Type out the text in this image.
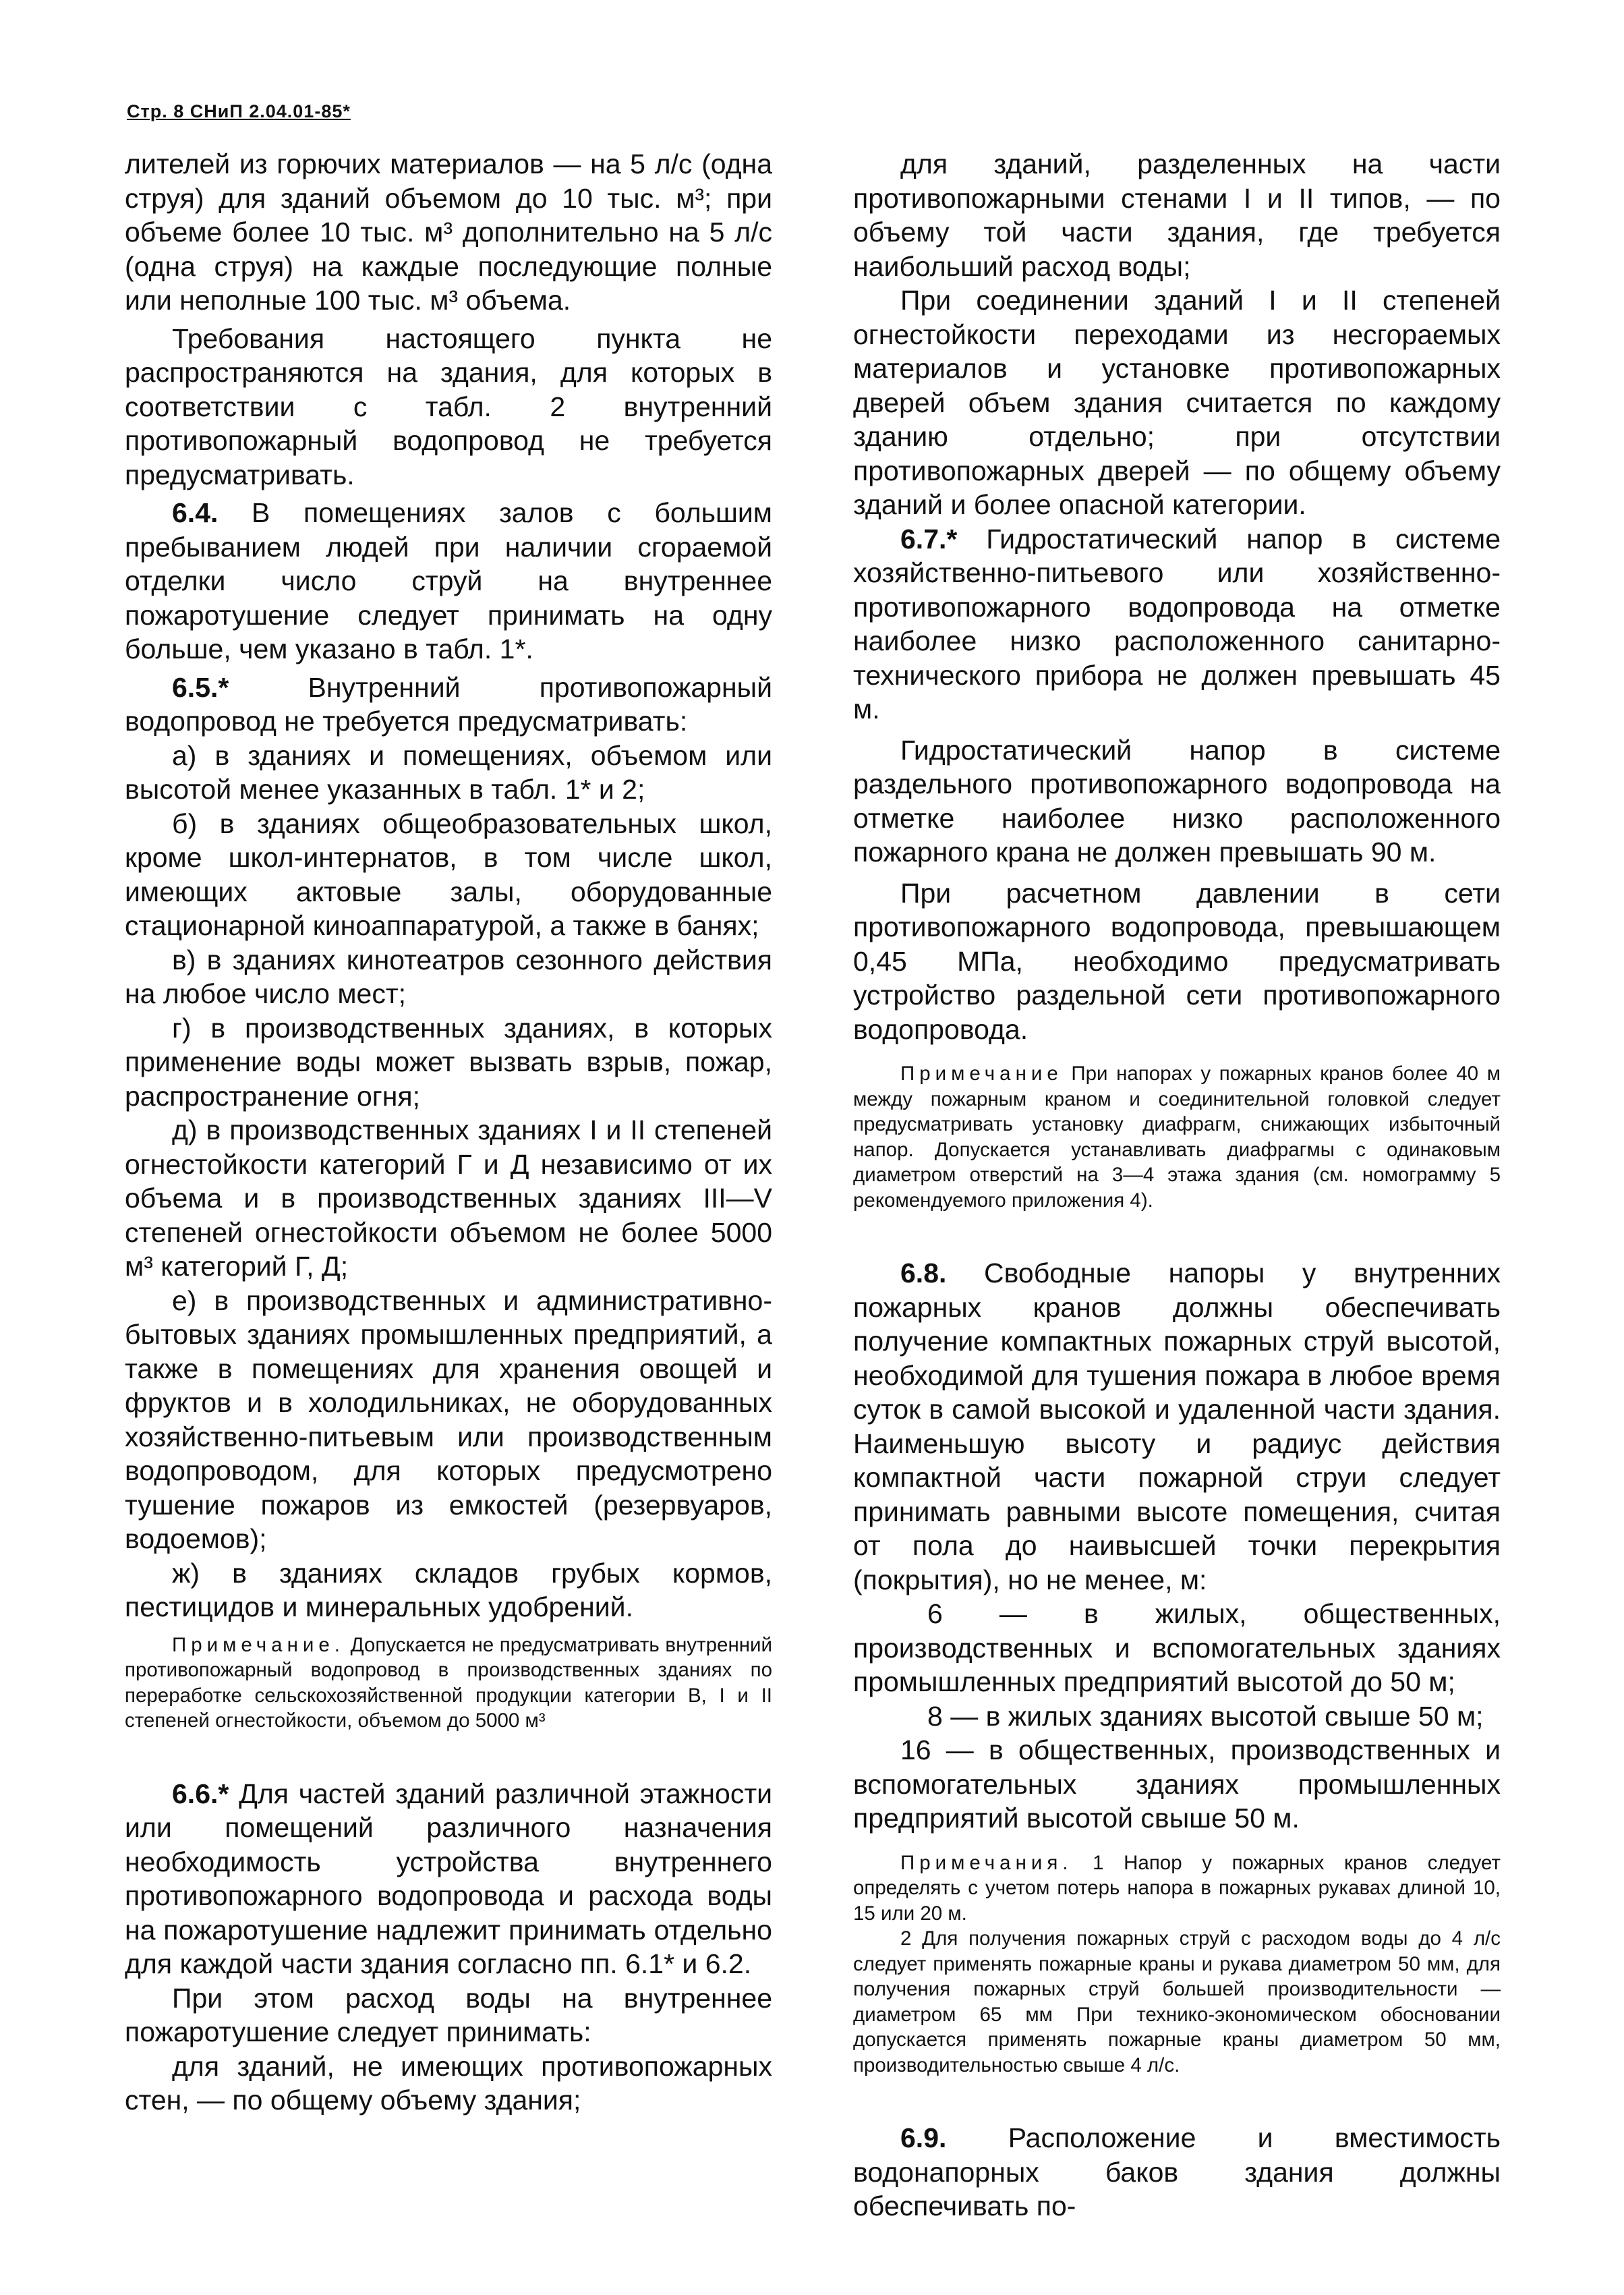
Стр. 8 СНиП 2.04.01-85*

лителей из горючих материалов — на 5 л/с (одна струя) для зданий объемом до 10 тыс. м³; при объеме более 10 тыс. м³ дополнительно на 5 л/с (одна струя) на каждые последующие полные или неполные 100 тыс. м³ объема.

Требования настоящего пункта не распространяются на здания, для которых в соответствии с табл. 2 внутренний противопожарный водопровод не требуется предусматривать.

6.4. В помещениях залов с большим пребыванием людей при наличии сгораемой отделки число струй на внутреннее пожаротушение следует принимать на одну больше, чем указано в табл. 1*.

6.5.* Внутренний противопожарный водопровод не требуется предусматривать:

а) в зданиях и помещениях, объемом или высотой менее указанных в табл. 1* и 2;

б) в зданиях общеобразовательных школ, кроме школ-интернатов, в том числе школ, имеющих актовые залы, оборудованные стационарной киноаппаратурой, а также в банях;

в) в зданиях кинотеатров сезонного действия на любое число мест;

г) в производственных зданиях, в которых применение воды может вызвать взрыв, пожар, распространение огня;

д) в производственных зданиях I и II степеней огнестойкости категорий Г и Д независимо от их объема и в производственных зданиях III—V степеней огнестойкости объемом не более 5000 м³ категорий Г, Д;

е) в производственных и административно-бытовых зданиях промышленных предприятий, а также в помещениях для хранения овощей и фруктов и в холодильниках, не оборудованных хозяйственно-питьевым или производственным водопроводом, для которых предусмотрено тушение пожаров из емкостей (резервуаров, водоемов);

ж) в зданиях складов грубых кормов, пестицидов и минеральных удобрений.

Примечание. Допускается не предусматривать внутренний противопожарный водопровод в производственных зданиях по переработке сельскохозяйственной продукции категории В, I и II степеней огнестойкости, объемом до 5000 м³

6.6.* Для частей зданий различной этажности или помещений различного назначения необходимость устройства внутреннего противопожарного водопровода и расхода воды на пожаротушение надлежит принимать отдельно для каждой части здания согласно пп. 6.1* и 6.2.

При этом расход воды на внутреннее пожаротушение следует принимать:

для зданий, не имеющих противопожарных стен, — по общему объему здания;

для зданий, разделенных на части противопожарными стенами I и II типов, — по объему той части здания, где требуется наибольший расход воды;

При соединении зданий I и II степеней огнестойкости переходами из несгораемых материалов и установке противопожарных дверей объем здания считается по каждому зданию отдельно; при отсутствии противопожарных дверей — по общему объему зданий и более опасной категории.

6.7.* Гидростатический напор в системе хозяйственно-питьевого или хозяйственно-противопожарного водопровода на отметке наиболее низко расположенного санитарно-технического прибора не должен превышать 45 м.

Гидростатический напор в системе раздельного противопожарного водопровода на отметке наиболее низко расположенного пожарного крана не должен превышать 90 м.

При расчетном давлении в сети противопожарного водопровода, превышающем 0,45 МПа, необходимо предусматривать устройство раздельной сети противопожарного водопровода.

Примечание При напорах у пожарных кранов более 40 м между пожарным краном и соединительной головкой следует предусматривать установку диафрагм, снижающих избыточный напор. Допускается устанавливать диафрагмы с одинаковым диаметром отверстий на 3—4 этажа здания (см. номограмму 5 рекомендуемого приложения 4).

6.8. Свободные напоры у внутренних пожарных кранов должны обеспечивать получение компактных пожарных струй высотой, необходимой для тушения пожара в любое время суток в самой высокой и удаленной части здания. Наименьшую высоту и радиус действия компактной части пожарной струи следует принимать равными высоте помещения, считая от пола до наивысшей точки перекрытия (покрытия), но не менее, м:

6 — в жилых, общественных, производственных и вспомогательных зданиях промышленных предприятий высотой до 50 м;

8 — в жилых зданиях высотой свыше 50 м;

16 — в общественных, производственных и вспомогательных зданиях промышленных предприятий высотой свыше 50 м.

Примечания. 1 Напор у пожарных кранов следует определять с учетом потерь напора в пожарных рукавах длиной 10, 15 или 20 м.

2 Для получения пожарных струй с расходом воды до 4 л/с следует применять пожарные краны и рукава диаметром 50 мм, для получения пожарных струй большей производительности — диаметром 65 мм При технико-экономическом обосновании допускается применять пожарные краны диаметром 50 мм, производительностью свыше 4 л/с.

6.9. Расположение и вместимость водонапорных баков здания должны обеспечивать по-
